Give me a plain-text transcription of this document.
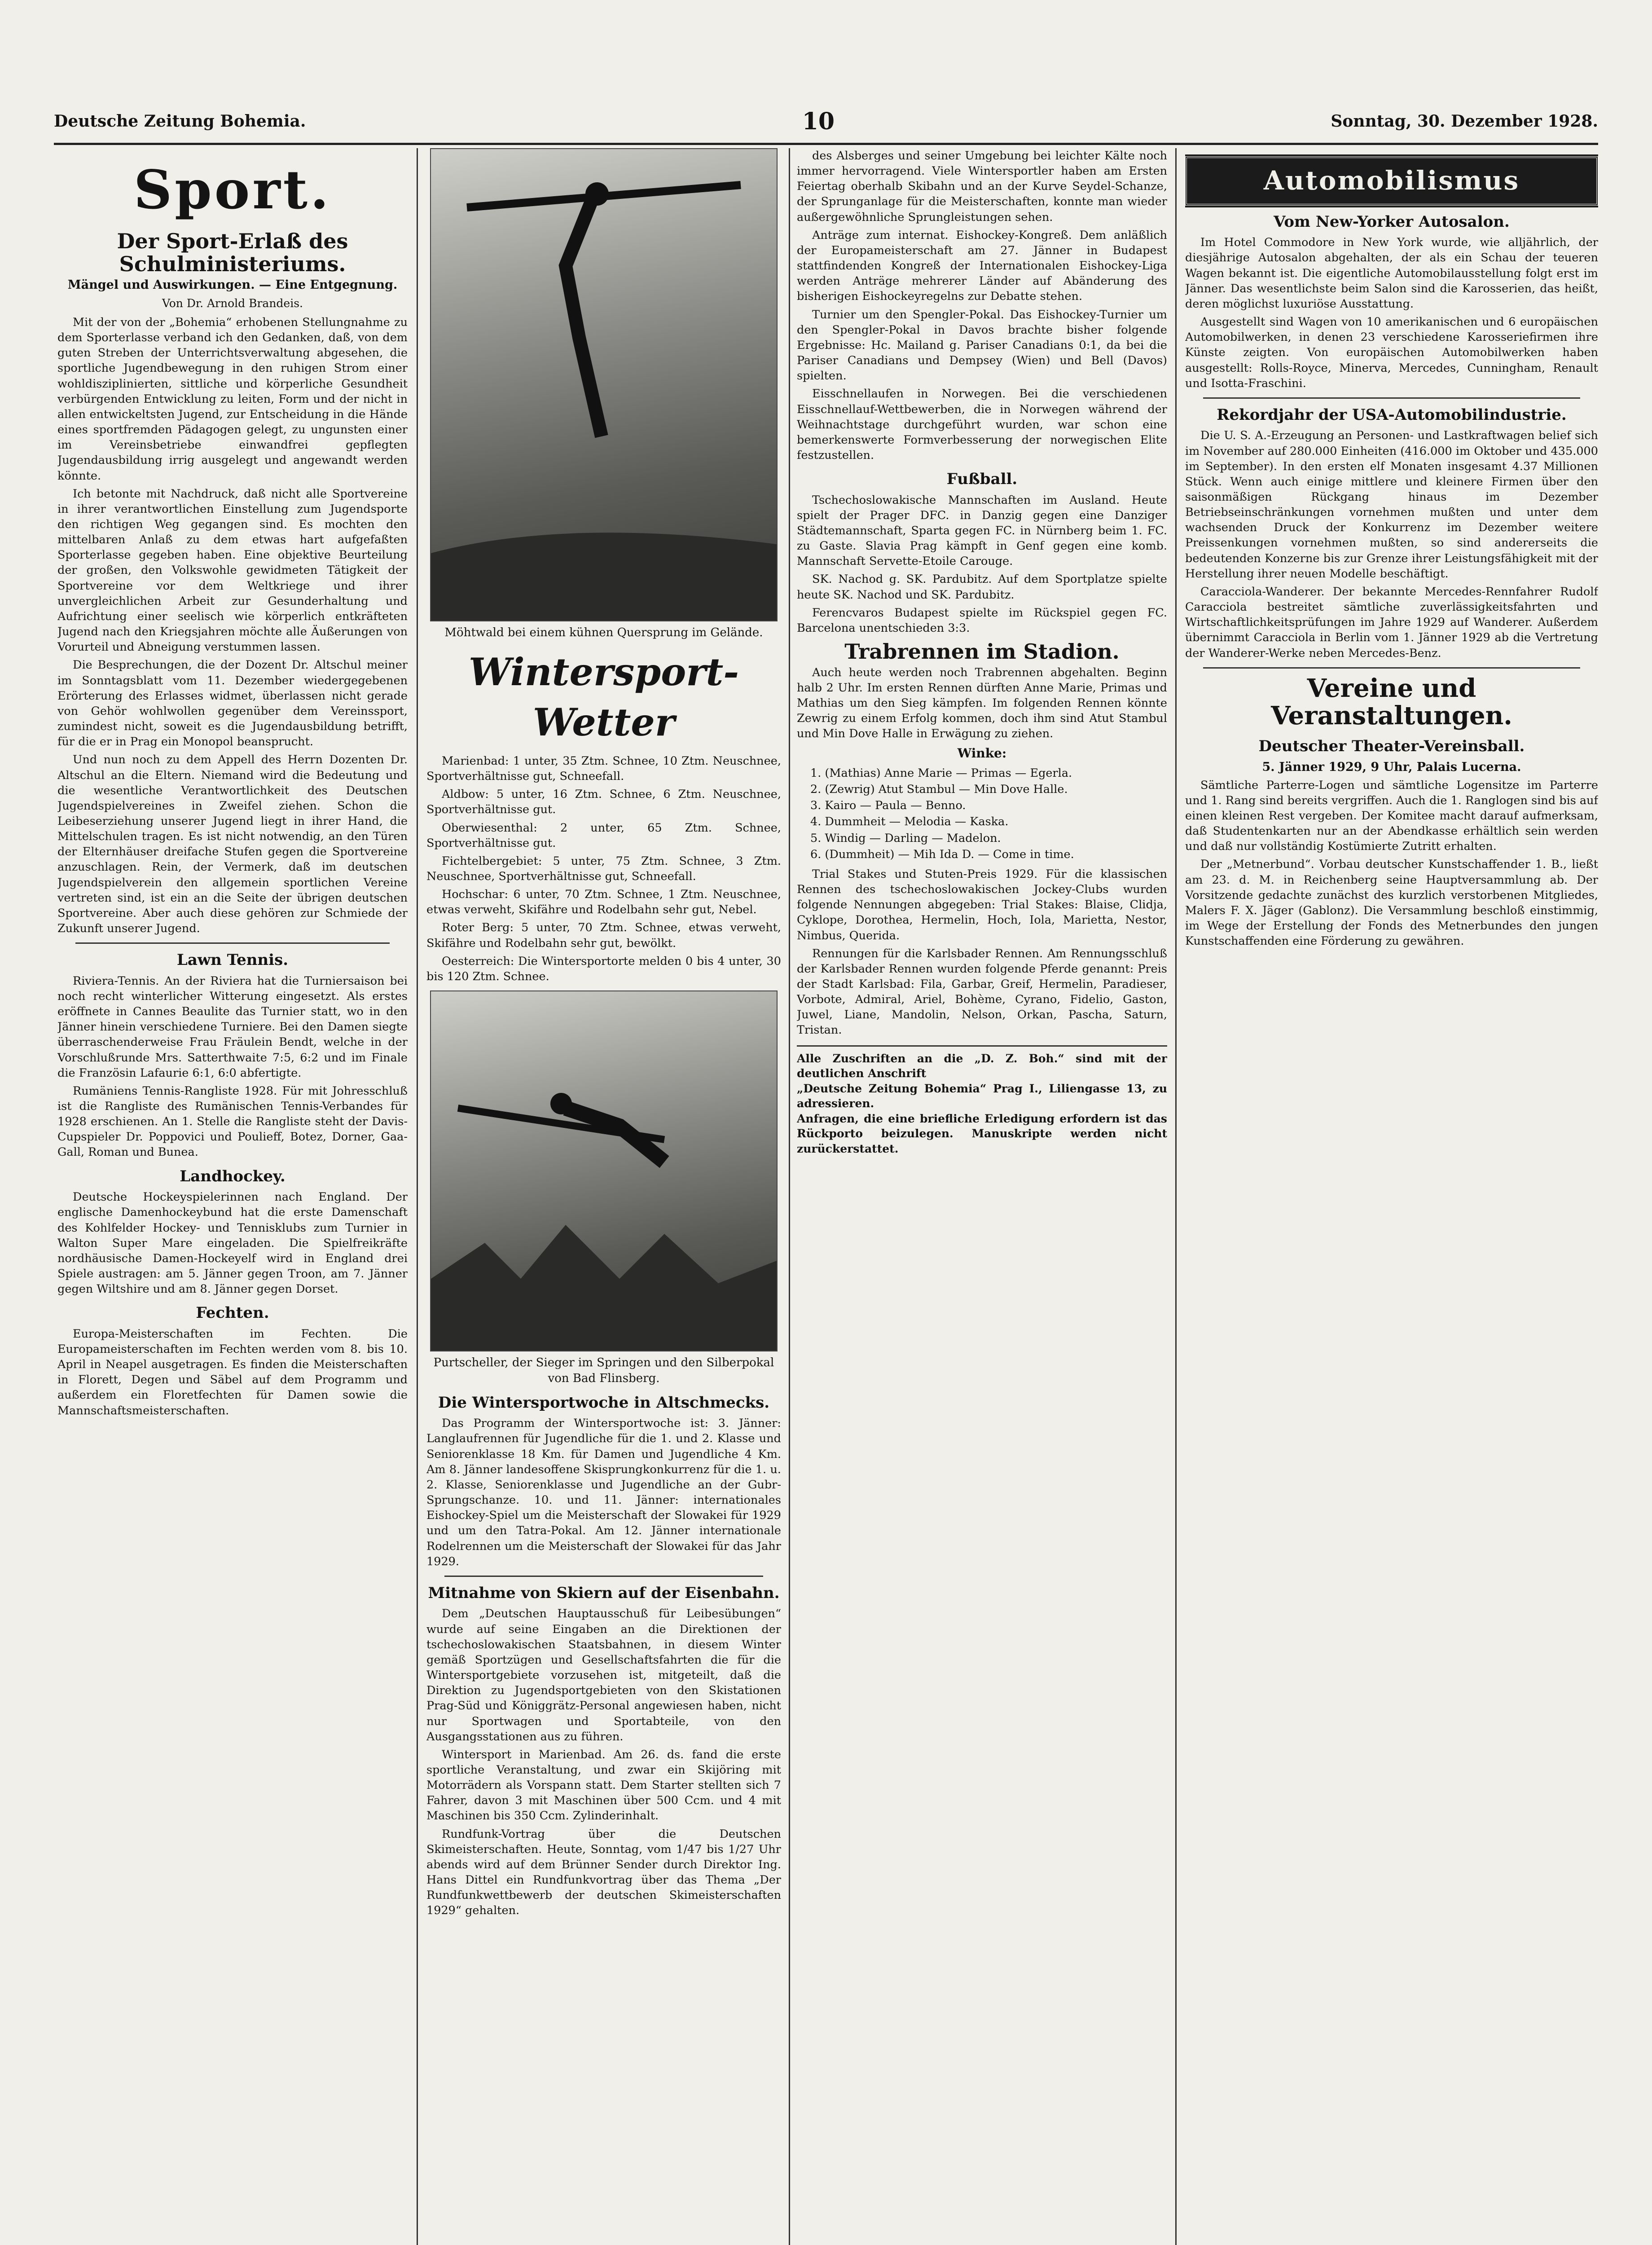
Deutsche Zeitung Bohemia.	10	Sonntag, 30. Dezember 1928.
Sport.
Der Sport-Erlaß des Schulministeriums.
Mängel und Auswirkungen. — Eine Entgegnung.
Von Dr. Arnold Brandeis.

Mit der von der „Bohemia“ erhobenen Stellungnahme zu dem Sporterlasse verband ich den Gedanken, daß, von dem guten Streben der Unterrichtsverwaltung abgesehen, die sportliche Jugendbewegung in den ruhigen Strom einer wohldisziplinierten, sittliche und körperliche Gesundheit verbürgenden Entwicklung zu leiten, Form und der nicht in allen entwickeltsten Jugend, zur Entscheidung in die Hände eines sportfremden Pädagogen gelegt, zu ungunsten einer im Vereinsbetriebe einwandfrei gepflegten Jugendausbildung irrig ausgelegt und angewandt werden könnte.

Ich betonte mit Nachdruck, daß nicht alle Sportvereine in ihrer verantwortlichen Einstellung zum Jugendsporte den richtigen Weg gegangen sind. Es mochten den mittelbaren Anlaß zu dem etwas hart aufgefaßten Sporterlasse gegeben haben. Eine objektive Beurteilung der großen, den Volkswohle gewidmeten Tätigkeit der Sportvereine vor dem Weltkriege und ihrer unvergleichlichen Arbeit zur Gesunderhaltung und Aufrichtung einer seelisch wie körperlich entkräfteten Jugend nach den Kriegsjahren möchte alle Äußerungen von Vorurteil und Abneigung verstummen lassen.

Die Besprechungen, die der Dozent Dr. Altschul meiner im Sonntagsblatt vom 11. Dezember wiedergegebenen Erörterung des Erlasses widmet, überlassen nicht gerade von Gehör wohlwollen gegenüber dem Vereinssport, zumindest nicht, soweit es die Jugendausbildung betrifft, für die er in Prag ein Monopol beansprucht.

Und nun noch zu dem Appell des Herrn Dozenten Dr. Altschul an die Eltern. Niemand wird die Bedeutung und die wesentliche Verantwortlichkeit des Deutschen Jugendspielvereines in Zweifel ziehen. Schon die Leibeserziehung unserer Jugend liegt in ihrer Hand, die Mittelschulen tragen. Es ist nicht notwendig, an den Türen der Elternhäuser dreifache Stufen gegen die Sportvereine anzuschlagen. Rein, der Vermerk, daß im deutschen Jugendspielverein den allgemein sportlichen Vereine vertreten sind, ist ein an die Seite der übrigen deutschen Sportvereine. Aber auch diese gehören zur Schmiede der Zukunft unserer Jugend.

Lawn Tennis.

Riviera-Tennis. An der Riviera hat die Turniersaison bei noch recht winterlicher Witterung eingesetzt. Als erstes eröffnete in Cannes Beaulite das Turnier statt, wo in den Jänner hinein verschiedene Turniere. Bei den Damen siegte überraschenderweise Frau Fräulein Bendt, welche in der Vorschlußrunde Mrs. Satterthwaite 7:5, 6:2 und im Finale die Französin Lafaurie 6:1, 6:0 abfertigte.

Rumäniens Tennis-Rangliste 1928. Für mit Johresschluß ist die Rangliste des Rumänischen Tennis-Verbandes für 1928 erschienen. An 1. Stelle die Rangliste steht der Davis-Cupspieler Dr. Poppovici und Poulieff, Botez, Dorner, Gaa-Gall, Roman und Bunea.

Landhockey.

Deutsche Hockeyspielerinnen nach England. Der englische Damenhockeybund hat die erste Damenschaft des Kohlfelder Hockey- und Tennisklubs zum Turnier in Walton Super Mare eingeladen. Die Spielfreikräfte nordhäusische Damen-Hockeyelf wird in England drei Spiele austragen: am 5. Jänner gegen Troon, am 7. Jänner gegen Wiltshire und am 8. Jänner gegen Dorset.

Fechten.

Europa-Meisterschaften im Fechten. Die Europameisterschaften im Fechten werden vom 8. bis 10. April in Neapel ausgetragen. Es finden die Meisterschaften in Florett, Degen und Säbel auf dem Programm und außerdem ein Floretfechten für Damen sowie die Mannschaftsmeisterschaften.

Möhtwald bei einem kühnen Quersprung im Gelände.
Wintersport-Wetter

Marienbad: 1 unter, 35 Ztm. Schnee, 10 Ztm. Neuschnee, Sportverhältnisse gut, Schneefall.

Aldbow: 5 unter, 16 Ztm. Schnee, 6 Ztm. Neuschnee, Sportverhältnisse gut.

Oberwiesenthal: 2 unter, 65 Ztm. Schnee, Sportverhältnisse gut.

Fichtelbergebiet: 5 unter, 75 Ztm. Schnee, 3 Ztm. Neuschnee, Sportverhältnisse gut, Schneefall.

Hochschar: 6 unter, 70 Ztm. Schnee, 1 Ztm. Neuschnee, etwas verweht, Skifähre und Rodelbahn sehr gut, Nebel.

Roter Berg: 5 unter, 70 Ztm. Schnee, etwas verweht, Skifähre und Rodelbahn sehr gut, bewölkt.

Oesterreich: Die Wintersportorte melden 0 bis 4 unter, 30 bis 120 Ztm. Schnee.

Purtscheller, der Sieger im Springen und den Silberpokal von Bad Flinsberg.
Die Wintersportwoche in Altschmecks.

Das Programm der Wintersportwoche ist: 3. Jänner: Langlaufrennen für Jugendliche für die 1. und 2. Klasse und Seniorenklasse 18 Km. für Damen und Jugendliche 4 Km. Am 8. Jänner landesoffene Skisprungkonkurrenz für die 1. u. 2. Klasse, Seniorenklasse und Jugendliche an der Gubr-Sprungschanze. 10. und 11. Jänner: internationales Eishockey-Spiel um die Meisterschaft der Slowakei für 1929 und um den Tatra-Pokal. Am 12. Jänner internationale Rodelrennen um die Meisterschaft der Slowakei für das Jahr 1929.

Mitnahme von Skiern auf der Eisenbahn.

Dem „Deutschen Hauptausschuß für Leibesübungen“ wurde auf seine Eingaben an die Direktionen der tschechoslowakischen Staatsbahnen, in diesem Winter gemäß Sportzügen und Gesellschaftsfahrten die für die Wintersportgebiete vorzusehen ist, mitgeteilt, daß die Direktion zu Jugendsportgebieten von den Skistationen Prag-Süd und Königgrätz-Personal angewiesen haben, nicht nur Sportwagen und Sportabteile, von den Ausgangsstationen aus zu führen.

Wintersport in Marienbad. Am 26. ds. fand die erste sportliche Veranstaltung, und zwar ein Skijöring mit Motorrädern als Vorspann statt. Dem Starter stellten sich 7 Fahrer, davon 3 mit Maschinen über 500 Ccm. und 4 mit Maschinen bis 350 Ccm. Zylinderinhalt.

Rundfunk-Vortrag über die Deutschen Skimeisterschaften. Heute, Sonntag, vom 1/47 bis 1/27 Uhr abends wird auf dem Brünner Sender durch Direktor Ing. Hans Dittel ein Rundfunkvortrag über das Thema „Der Rundfunkwettbewerb der deutschen Skimeisterschaften 1929“ gehalten.

des Alsberges und seiner Umgebung bei leichter Kälte noch immer hervorragend. Viele Wintersportler haben am Ersten Feiertag oberhalb Skibahn und an der Kurve Seydel-Schanze, der Sprunganlage für die Meisterschaften, konnte man wieder außergewöhnliche Sprungleistungen sehen.

Anträge zum internat. Eishockey-Kongreß. Dem anläßlich der Europameisterschaft am 27. Jänner in Budapest stattfindenden Kongreß der Internationalen Eishockey-Liga werden Anträge mehrerer Länder auf Abänderung des bisherigen Eishockeyregelns zur Debatte stehen.

Turnier um den Spengler-Pokal. Das Eishockey-Turnier um den Spengler-Pokal in Davos brachte bisher folgende Ergebnisse: Hc. Mailand g. Pariser Canadians 0:1, da bei die Pariser Canadians und Dempsey (Wien) und Bell (Davos) spielten.

Eisschnellaufen in Norwegen. Bei die verschiedenen Eisschnellauf-Wettbewerben, die in Norwegen während der Weihnachtstage durchgeführt wurden, war schon eine bemerkenswerte Formverbesserung der norwegischen Elite festzustellen.

Fußball.

Tschechoslowakische Mannschaften im Ausland. Heute spielt der Prager DFC. in Danzig gegen eine Danziger Städtemannschaft, Sparta gegen FC. in Nürnberg beim 1. FC. zu Gaste. Slavia Prag kämpft in Genf gegen eine komb. Mannschaft Servette-Etoile Carouge.

SK. Nachod g. SK. Pardubitz. Auf dem Sportplatze spielte heute SK. Nachod und SK. Pardubitz.

Ferencvaros Budapest spielte im Rückspiel gegen FC. Barcelona unentschieden 3:3.

Trabrennen im Stadion.

Auch heute werden noch Trabrennen abgehalten. Beginn halb 2 Uhr. Im ersten Rennen dürften Anne Marie, Primas und Mathias um den Sieg kämpfen. Im folgenden Rennen könnte Zewrig zu einem Erfolg kommen, doch ihm sind Atut Stambul und Min Dove Halle in Erwägung zu ziehen.

Winke:
1. (Mathias) Anne Marie — Primas — Egerla.
2. (Zewrig) Atut Stambul — Min Dove Halle.
3. Kairo — Paula — Benno.
4. Dummheit — Melodia — Kaska.
5. Windig — Darling — Madelon.
6. (Dummheit) — Mih Ida D. — Come in time.

Trial Stakes und Stuten-Preis 1929. Für die klassischen Rennen des tschechoslowakischen Jockey-Clubs wurden folgende Nennungen abgegeben: Trial Stakes: Blaise, Clidja, Cyklope, Dorothea, Hermelin, Hoch, Iola, Marietta, Nestor, Nimbus, Querida.

Rennungen für die Karlsbader Rennen. Am Rennungsschluß der Karlsbader Rennen wurden folgende Pferde genannt: Preis der Stadt Karlsbad: Fila, Garbar, Greif, Hermelin, Paradieser, Vorbote, Admiral, Ariel, Bohème, Cyrano, Fidelio, Gaston, Juwel, Liane, Mandolin, Nelson, Orkan, Pascha, Saturn, Tristan.

Alle Zuschriften an die „D. Z. Boh.“ sind mit der deutlichen Anschrift
„Deutsche Zeitung Bohemia“ Prag I., Liliengasse 13, zu adressieren.
Anfragen, die eine briefliche Erledigung erfordern ist das Rückporto beizulegen. Manuskripte werden nicht zurückerstattet.
Automobilismus
Vom New-Yorker Autosalon.

Im Hotel Commodore in New York wurde, wie alljährlich, der diesjährige Autosalon abgehalten, der als ein Schau der teueren Wagen bekannt ist. Die eigentliche Automobilausstellung folgt erst im Jänner. Das wesentlichste beim Salon sind die Karosserien, das heißt, deren möglichst luxuriöse Ausstattung.

Ausgestellt sind Wagen von 10 amerikanischen und 6 europäischen Automobilwerken, in denen 23 verschiedene Karosseriefirmen ihre Künste zeigten. Von europäischen Automobilwerken haben ausgestellt: Rolls-Royce, Minerva, Mercedes, Cunningham, Renault und Isotta-Fraschini.

Rekordjahr der USA-Automobilindustrie.

Die U. S. A.-Erzeugung an Personen- und Lastkraftwagen belief sich im November auf 280.000 Einheiten (416.000 im Oktober und 435.000 im September). In den ersten elf Monaten insgesamt 4.37 Millionen Stück. Wenn auch einige mittlere und kleinere Firmen über den saisonmäßigen Rückgang hinaus im Dezember Betriebseinschränkungen vornehmen mußten und unter dem wachsenden Druck der Konkurrenz im Dezember weitere Preissenkungen vornehmen mußten, so sind andererseits die bedeutenden Konzerne bis zur Grenze ihrer Leistungsfähigkeit mit der Herstellung ihrer neuen Modelle beschäftigt.

Caracciola-Wanderer. Der bekannte Mercedes-Rennfahrer Rudolf Caracciola bestreitet sämtliche zuverlässigkeitsfahrten und Wirtschaftlichkeitsprüfungen im Jahre 1929 auf Wanderer. Außerdem übernimmt Caracciola in Berlin vom 1. Jänner 1929 ab die Vertretung der Wanderer-Werke neben Mercedes-Benz.

Vereine und Veranstaltungen.
Deutscher Theater-Vereinsball.
5. Jänner 1929, 9 Uhr, Palais Lucerna.

Sämtliche Parterre-Logen und sämtliche Logensitze im Parterre und 1. Rang sind bereits vergriffen. Auch die 1. Ranglogen sind bis auf einen kleinen Rest vergeben. Der Komitee macht darauf aufmerksam, daß Studentenkarten nur an der Abendkasse erhältlich sein werden und daß nur vollständig Kostümierte Zutritt erhalten.

Der „Metnerbund“. Vorbau deutscher Kunstschaffender 1. B., ließt am 23. d. M. in Reichenberg seine Hauptversammlung ab. Der Vorsitzende gedachte zunächst des kurzlich verstorbenen Mitgliedes, Malers F. X. Jäger (Gablonz). Die Versammlung beschloß einstimmig, im Wege der Erstellung der Fonds des Metnerbundes den jungen Kunstschaffenden eine Förderung zu gewähren.
